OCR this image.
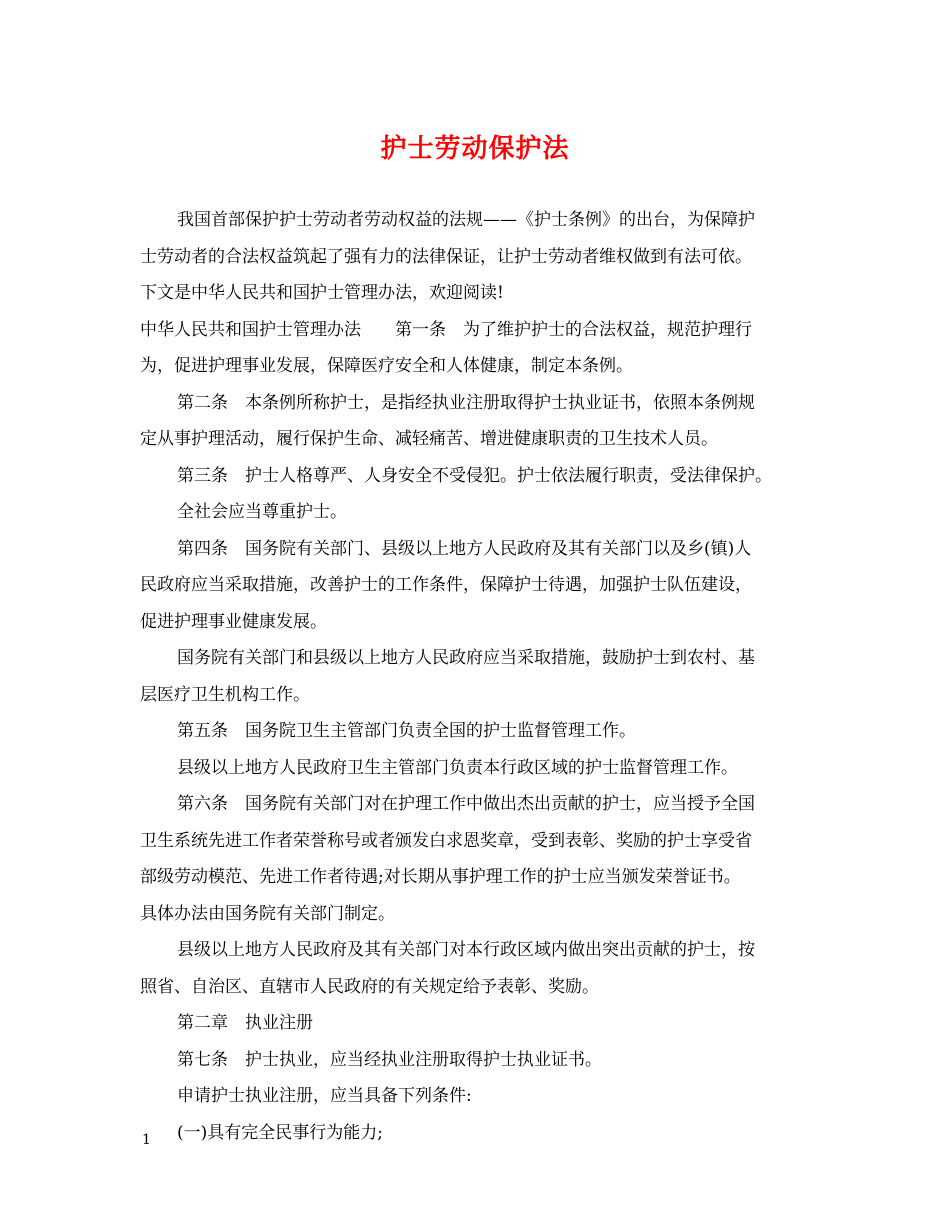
护士劳动保护法
我国首部保护护士劳动者劳动权益的法规——《护士条例》的出台，为保障护
士劳动者的合法权益筑起了强有力的法律保证，让护士劳动者维权做到有法可依。
下文是中华人民共和国护士管理办法，欢迎阅读!
中华人民共和国护士管理办法　　第一条　为了维护护士的合法权益，规范护理行
为，促进护理事业发展，保障医疗安全和人体健康，制定本条例。
第二条　本条例所称护士，是指经执业注册取得护士执业证书，依照本条例规
定从事护理活动，履行保护生命、减轻痛苦、增进健康职责的卫生技术人员。
第三条　护士人格尊严、人身安全不受侵犯。护士依法履行职责，受法律保护。
全社会应当尊重护士。
第四条　国务院有关部门、县级以上地方人民政府及其有关部门以及乡(镇)人
民政府应当采取措施，改善护士的工作条件，保障护士待遇，加强护士队伍建设，
促进护理事业健康发展。
国务院有关部门和县级以上地方人民政府应当采取措施，鼓励护士到农村、基
层医疗卫生机构工作。
第五条　国务院卫生主管部门负责全国的护士监督管理工作。
县级以上地方人民政府卫生主管部门负责本行政区域的护士监督管理工作。
第六条　国务院有关部门对在护理工作中做出杰出贡献的护士，应当授予全国
卫生系统先进工作者荣誉称号或者颁发白求恩奖章，受到表彰、奖励的护士享受省
部级劳动模范、先进工作者待遇;对长期从事护理工作的护士应当颁发荣誉证书。
具体办法由国务院有关部门制定。
县级以上地方人民政府及其有关部门对本行政区域内做出突出贡献的护士，按
照省、自治区、直辖市人民政府的有关规定给予表彰、奖励。
第二章　执业注册
第七条　护士执业，应当经执业注册取得护士执业证书。
申请护士执业注册，应当具备下列条件:
(一)具有完全民事行为能力;
1
